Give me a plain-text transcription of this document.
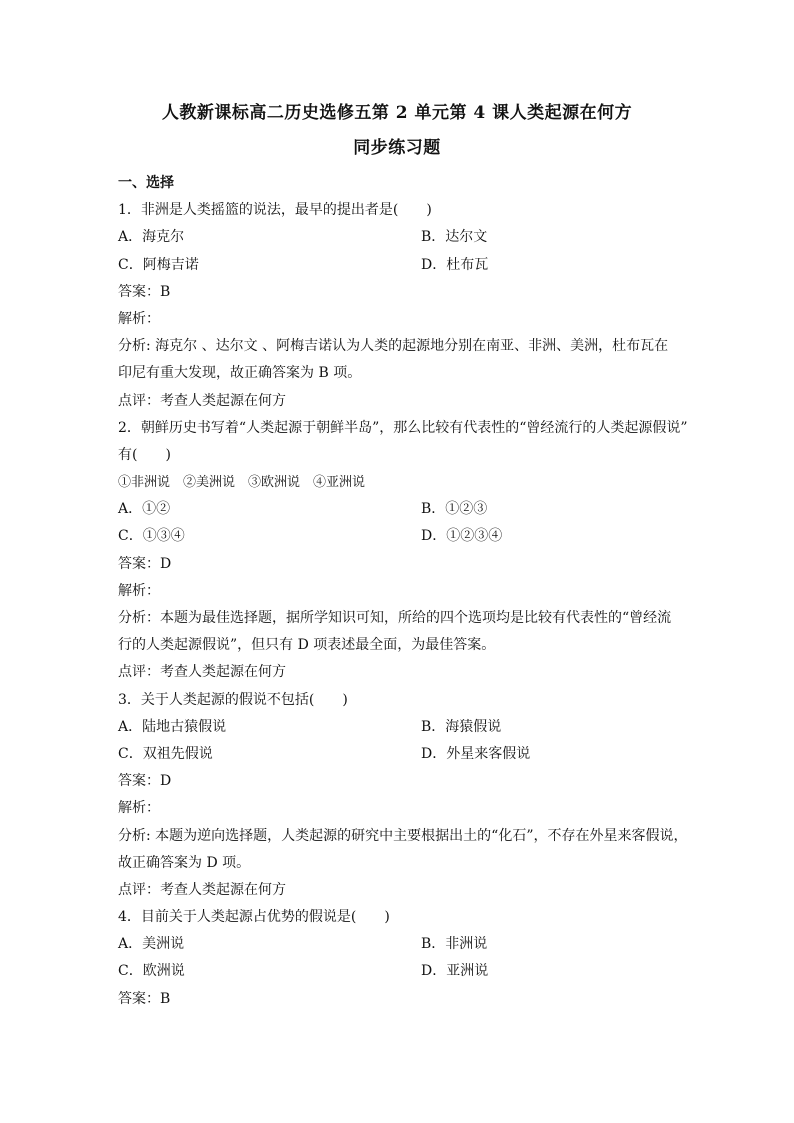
人教新课标高二历史选修五第 2 单元第 4 课人类起源在何方
同步练习题
一、选择
1．非洲是人类摇篮的说法，最早的提出者是(　　)
A．海克尔	B．达尔文
C．阿梅吉诺	D．杜布瓦
答案：B
解析：
分析: 海克尔 、达尔文 、阿梅吉诺认为人类的起源地分别在南亚、非洲、美洲，杜布瓦在
印尼有重大发现，故正确答案为 B 项。
点评：考查人类起源在何方
2．朝鲜历史书写着“人类起源于朝鲜半岛”，那么比较有代表性的“曾经流行的人类起源假说”
有(　　)
①非洲说　②美洲说　③欧洲说　④亚洲说
A．①②	B．①②③
C．①③④	D．①②③④
答案：D
解析：
分析：本题为最佳选择题，据所学知识可知，所给的四个选项均是比较有代表性的“曾经流
行的人类起源假说”，但只有 D 项表述最全面，为最佳答案。
点评：考查人类起源在何方
3．关于人类起源的假说不包括(　　)
A．陆地古猿假说	B．海猿假说
C．双祖先假说	D．外星来客假说
答案：D
解析：
分析: 本题为逆向选择题，人类起源的研究中主要根据出土的“化石”，不存在外星来客假说，
故正确答案为 D 项。
点评：考查人类起源在何方
4．目前关于人类起源占优势的假说是(　　)
A．美洲说	B．非洲说
C．欧洲说	D．亚洲说
答案：B
